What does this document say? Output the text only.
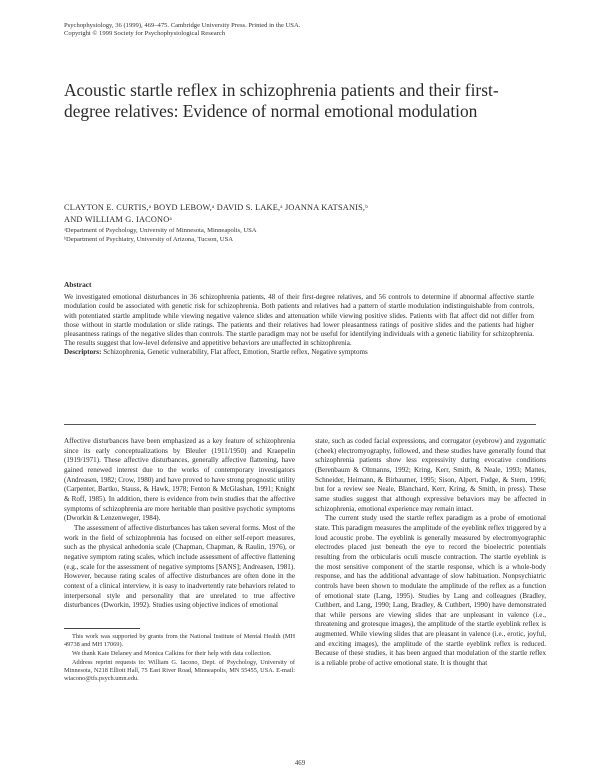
Psychophysiology, 36 (1999), 469–475. Cambridge University Press. Printed in the USA.
Copyright © 1999 Society for Psychophysiological Research
Acoustic startle reflex in schizophrenia patients and their first-degree relatives: Evidence of normal emotional modulation
CLAYTON E. CURTIS,ᵃ BOYD LEBOW,ᵃ DAVID S. LAKE,ᵃ JOANNA KATSANIS,ᵇ
AND WILLIAM G. IACONOᵃ
ᵃDepartment of Psychology, University of Minnesota, Minneapolis, USA
ᵇDepartment of Psychiatry, University of Arizona, Tucson, USA
Abstract

We investigated emotional disturbances in 36 schizophrenia patients, 48 of their first-degree relatives, and 56 controls to determine if abnormal affective startle modulation could be associated with genetic risk for schizophrenia. Both patients and relatives had a pattern of startle modulation indistinguishable from controls, with potentiated startle amplitude while viewing negative valence slides and attenuation while viewing positive slides. Patients with flat affect did not differ from those without in startle modulation or slide ratings. The patients and their relatives had lower pleasantness ratings of positive slides and the patients had higher pleasantness ratings of the negative slides than controls. The startle paradigm may not be useful for identifying individuals with a genetic liability for schizophrenia. The results suggest that low-level defensive and appetitive behaviors are unaffected in schizophrenia.

Descriptors: Schizophrenia, Genetic vulnerability, Flat affect, Emotion, Startle reflex, Negative symptoms

Affective disturbances have been emphasized as a key feature of schizophrenia since its early conceptualizations by Bleuler (1911/1950) and Kraepelin (1919/1971). These affective disturbances, generally affective flattening, have gained renewed interest due to the works of contemporary investigators (Andreasen, 1982; Crow, 1980) and have proved to have strong prognostic utility (Carpenter, Bartko, Stauss, & Hawk, 1978; Fenton & McGlashan, 1991; Knight & Roff, 1985). In addition, there is evidence from twin studies that the affective symptoms of schizophrenia are more heritable than positive psychotic symptoms (Dworkin & Lenzenweger, 1984).

The assessment of affective disturbances has taken several forms. Most of the work in the field of schizophrenia has focused on either self-report measures, such as the physical anhedonia scale (Chapman, Chapman, & Raulin, 1976), or negative symptom rating scales, which include assessment of affective flattening (e.g., scale for the assessment of negative symptoms [SANS]; Andreasen, 1981). However, because rating scales of affective disturbances are often done in the context of a clinical interview, it is easy to inadvertently rate behaviors related to interpersonal style and personality that are unrelated to true affective disturbances (Dworkin, 1992). Studies using objective indices of emotional

This work was supported by grants from the National Institute of Mental Health (MH 49738 and MH 17069).

We thank Kate Delaney and Monica Calkins for their help with data collection.

Address reprint requests to: William G. Iacono, Dept. of Psychology, University of Minnesota, N218 Elliott Hall, 75 East River Road, Minneapolis, MN 55455, USA. E-mail: wiacono@tfs.psych.umn.edu.

state, such as coded facial expressions, and corrugator (eyebrow) and zygomatic (cheek) electromyography, followed, and these studies have generally found that schizophrenia patients show less expressivity during evocative conditions (Berenbaum & Oltmanns, 1992; Kring, Kerr, Smith, & Neale, 1993; Mattes, Schneider, Heimann, & Birbaumer, 1995; Sison, Alpert, Fudge, & Stern, 1996; but for a review see Neale, Blanchard, Kerr, Kring, & Smith, in press). These same studies suggest that although expressive behaviors may be affected in schizophrenia, emotional experience may remain intact.

The current study used the startle reflex paradigm as a probe of emotional state. This paradigm measures the amplitude of the eyeblink reflex triggered by a loud acoustic probe. The eyeblink is generally measured by electromyographic electrodes placed just beneath the eye to record the bioelectric potentials resulting from the orbicularis oculi muscle contraction. The startle eyeblink is the most sensitive component of the startle response, which is a whole-body response, and has the additional advantage of slow habituation. Nonpsychiatric controls have been shown to modulate the amplitude of the reflex as a function of emotional state (Lang, 1995). Studies by Lang and colleagues (Bradley, Cuthbert, and Lang, 1990; Lang, Bradley, & Cuthbert, 1990) have demonstrated that while persons are viewing slides that are unpleasant in valence (i.e., threatening and grotesque images), the amplitude of the startle eyeblink reflex is augmented. While viewing slides that are pleasant in valence (i.e., erotic, joyful, and exciting images), the amplitude of the startle eyeblink reflex is reduced. Because of these studies, it has been argued that modulation of the startle reflex is a reliable probe of active emotional state. It is thought that

469
